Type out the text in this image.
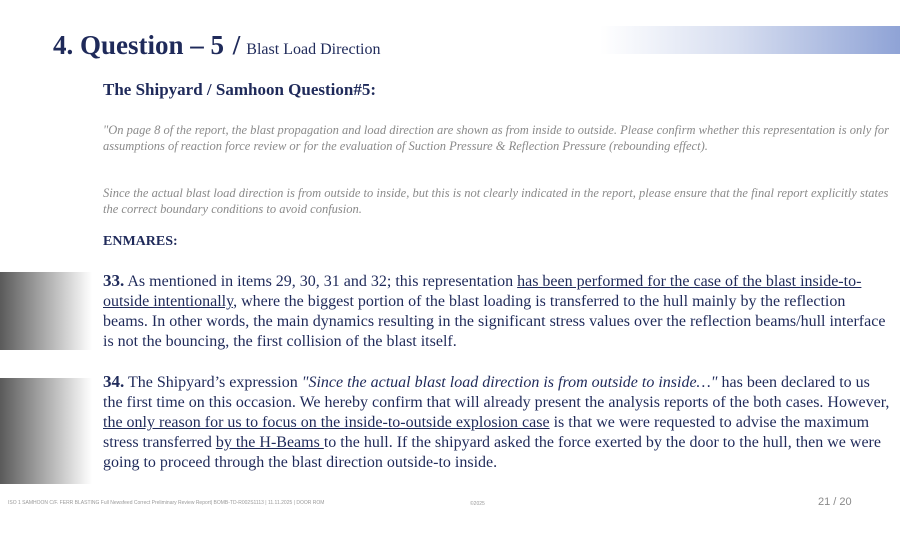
4. Question – 5 / Blast Load Direction
The Shipyard / Samhoon Question#5:

"On page 8 of the report, the blast propagation and load direction are shown as from inside to outside. Please confirm whether this representation is only for assumptions of reaction force review or for the evaluation of Suction Pressure & Reflection Pressure (rebounding effect).

Since the actual blast load direction is from outside to inside, but this is not clearly indicated in the report, please ensure that the final report explicitly states the correct boundary conditions to avoid confusion.

ENMARES:

33. As mentioned in items 29, 30, 31 and 32; this representation has been performed for the case of the blast inside-to-outside intentionally, where the biggest portion of the blast loading is transferred to the hull mainly by the reflection beams. In other words, the main dynamics resulting in the significant stress values over the reflection beams/hull interface is not the bouncing, the first collision of the blast itself.

34. The Shipyard’s expression "Since the actual blast load direction is from outside to inside…" has been declared to us the first time on this occasion. We hereby confirm that will already present the analysis reports of the both cases. However, the only reason for us to focus on the inside-to-outside explosion case is that we were requested to advise the maximum stress transferred by the H-Beams to the hull. If the shipyard asked the force exerted by the door to the hull, then we were going to proceed through the blast direction outside-to inside.

ISO 1 SAMHOON C/F. FERR BLASTING Full Newsfeed Correct Preliminary Review Report| BOMB-TD-R002S1113 | 11.11.2025 | DOOR ROM	©2025	21 / 20
